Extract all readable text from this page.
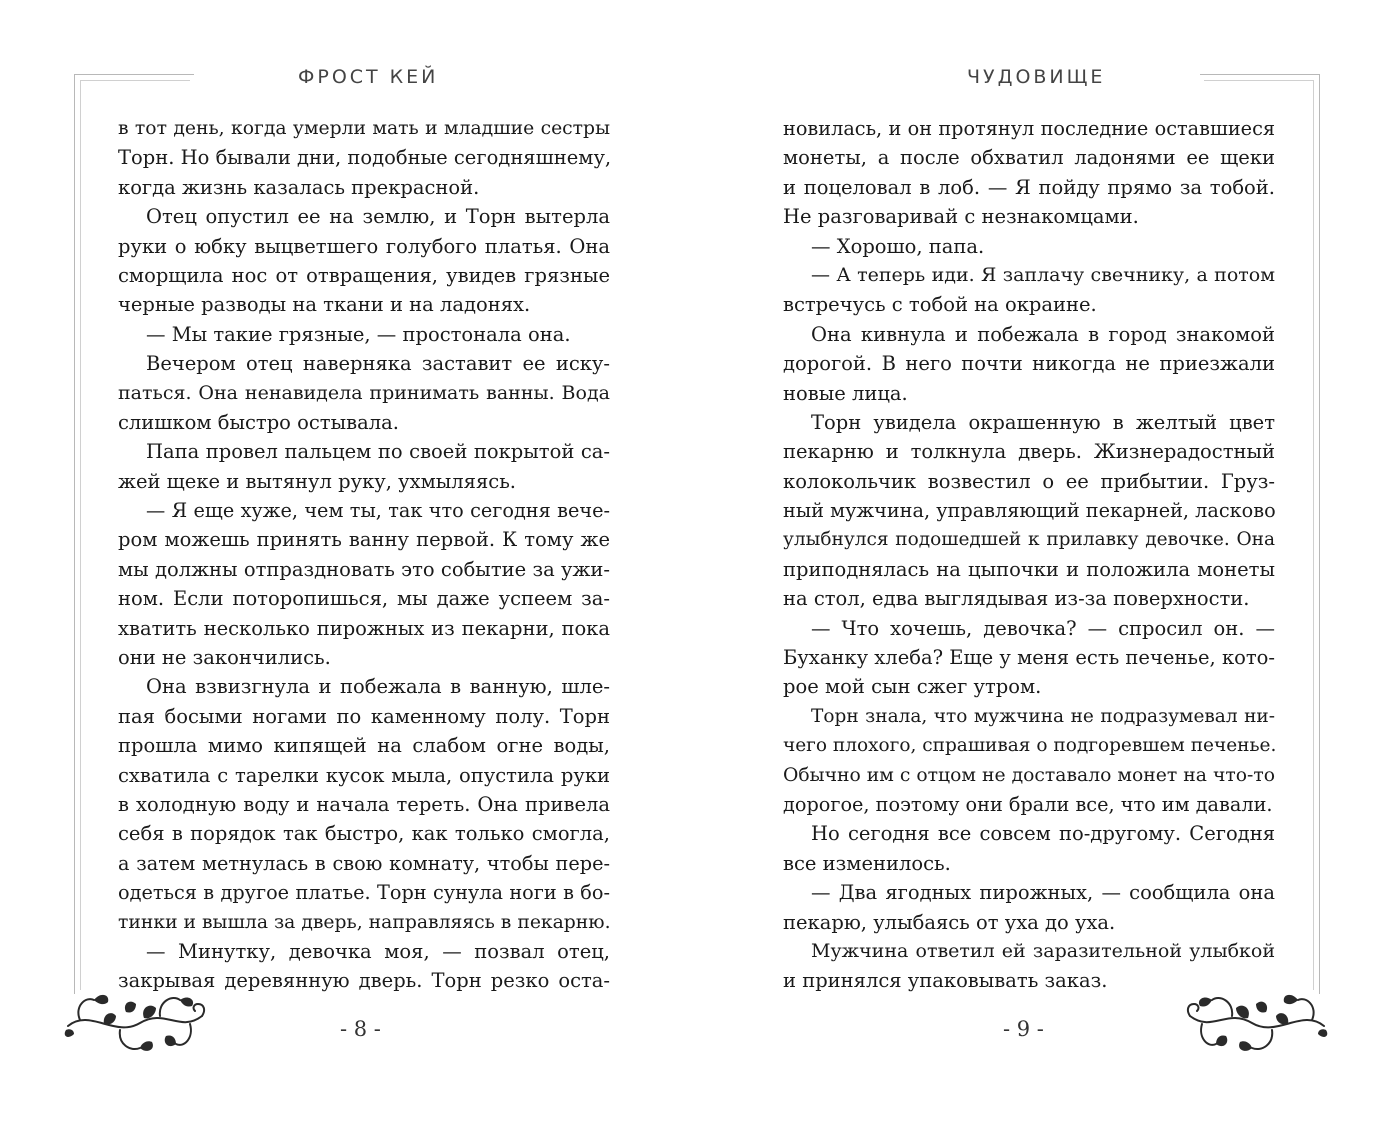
ФРОСТ КЕЙ
в тот день, когда умерли мать и младшие сестры
Торн. Но бывали дни, подобные сегодняшнему,
когда жизнь казалась прекрасной.
Отец опустил ее на землю, и Торн вытерла
руки о юбку выцветшего голубого платья. Она
сморщила нос от отвращения, увидев грязные
черные разводы на ткани и на ладонях.
— Мы такие грязные, — простонала она.
Вечером отец наверняка заставит ее иску-
паться. Она ненавидела принимать ванны. Вода
слишком быстро остывала.
Папа провел пальцем по своей покрытой са-
жей щеке и вытянул руку, ухмыляясь.
— Я еще хуже, чем ты, так что сегодня вече-
ром можешь принять ванну первой. К тому же
мы должны отпраздновать это событие за ужи-
ном. Если поторопишься, мы даже успеем за-
хватить несколько пирожных из пекарни, пока
они не закончились.
Она взвизгнула и побежала в ванную, шле-
пая босыми ногами по каменному полу. Торн
прошла мимо кипящей на слабом огне воды,
схватила с тарелки кусок мыла, опустила руки
в холодную воду и начала тереть. Она привела
себя в порядок так быстро, как только смогла,
а затем метнулась в свою комнату, чтобы пере-
одеться в другое платье. Торн сунула ноги в бо-
тинки и вышла за дверь, направляясь в пекарню.
— Минутку, девочка моя, — позвал отец,
закрывая деревянную дверь. Торн резко оста-
- 8 -
ЧУДОВИЩЕ
новилась, и он протянул последние оставшиеся
монеты, а после обхватил ладонями ее щеки
и поцеловал в лоб. — Я пойду прямо за тобой.
Не разговаривай с незнакомцами.
— Хорошо, папа.
— А теперь иди. Я заплачу свечнику, а потом
встречусь с тобой на окраине.
Она кивнула и побежала в город знакомой
дорогой. В него почти никогда не приезжали
новые лица.
Торн увидела окрашенную в желтый цвет
пекарню и толкнула дверь. Жизнерадостный
колокольчик возвестил о ее прибытии. Груз-
ный мужчина, управляющий пекарней, ласково
улыбнулся подошедшей к прилавку девочке. Она
приподнялась на цыпочки и положила монеты
на стол, едва выглядывая из-за поверхности.
— Что хочешь, девочка? — спросил он. —
Буханку хлеба? Еще у меня есть печенье, кото-
рое мой сын сжег утром.
Торн знала, что мужчина не подразумевал ни-
чего плохого, спрашивая о подгоревшем печенье.
Обычно им с отцом не доставало монет на что-то
дорогое, поэтому они брали все, что им давали.
Но сегодня все совсем по-другому. Сегодня
все изменилось.
— Два ягодных пирожных, — сообщила она
пекарю, улыбаясь от уха до уха.
Мужчина ответил ей заразительной улыбкой
и принялся упаковывать заказ.
- 9 -
